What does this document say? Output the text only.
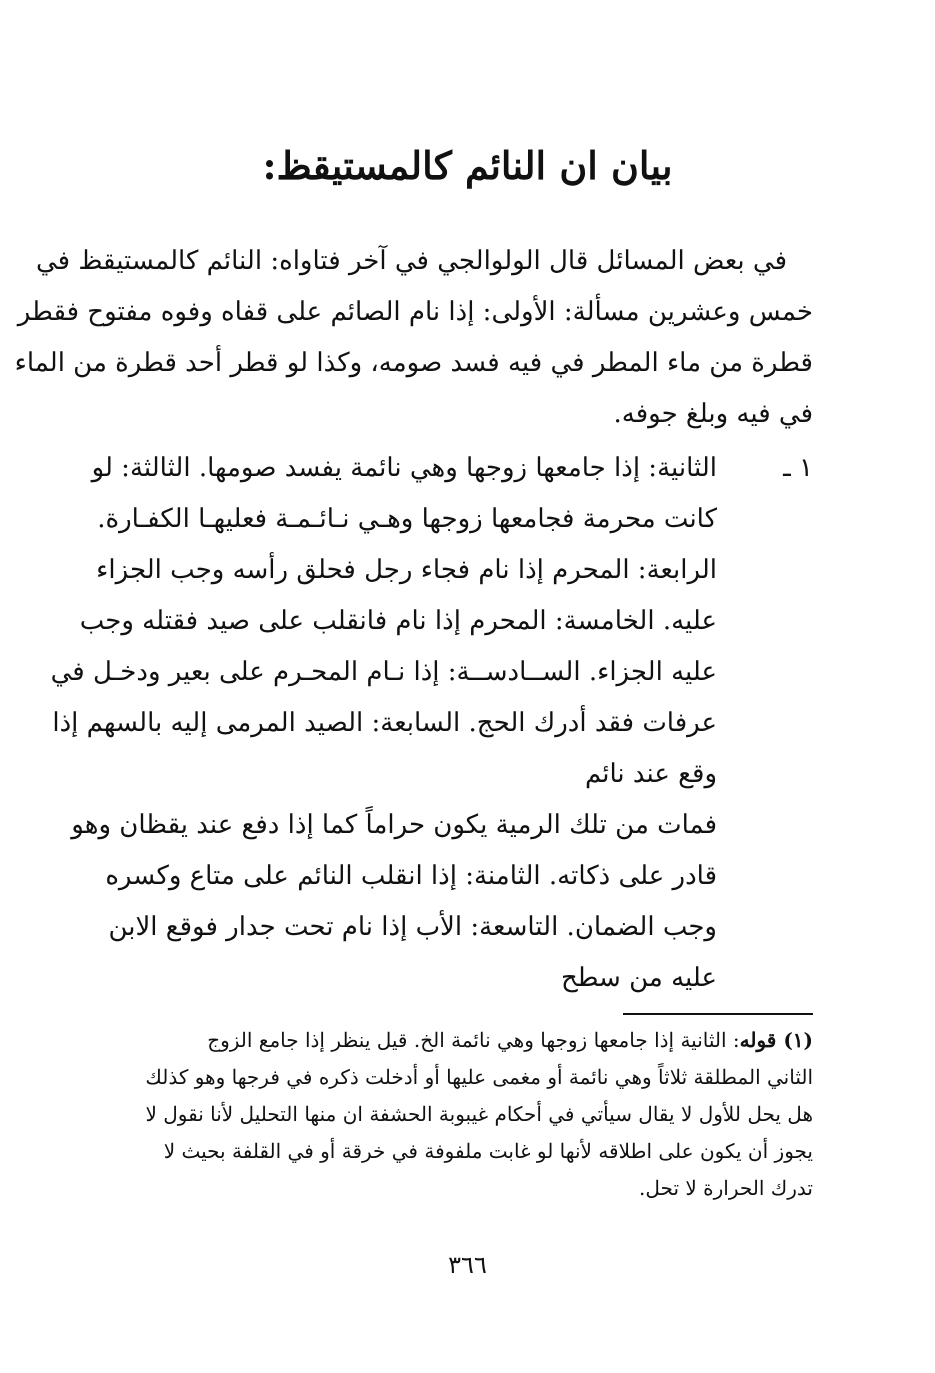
بيان ان النائم كالمستيقظ:
في بعض المسائل قال الولوالجي في آخر فتاواه: النائم كالمستيقظ في
خمس وعشرين مسألة: الأولى: إذا نام الصائم على قفاه وفوه مفتوح فقطر
قطرة من ماء المطر في فيه فسد صومه، وكذا لو قطر أحد قطرة من الماء
في فيه وبلغ جوفه.
١ ـ
الثانية: إذا جامعها زوجها وهي نائمة يفسد صومها. الثالثة: لو
كانت محرمة فجامعها زوجها وهـي نـائـمـة فعليهـا الكفـارة.
الرابعة: المحرم إذا نام فجاء رجل فحلق رأسه وجب الجزاء
عليه. الخامسة: المحرم إذا نام فانقلب على صيد فقتله وجب
عليه الجزاء. الســادســة: إذا نـام المحـرم على بعير ودخـل في
عرفات فقد أدرك الحج. السابعة: الصيد المرمى إليه بالسهم إذا
وقع عند نائم
فمات من تلك الرمية يكون حراماً كما إذا دفع عند يقظان وهو
قادر على ذكاته. الثامنة: إذا انقلب النائم على متاع وكسره
وجب الضمان. التاسعة: الأب إذا نام تحت جدار فوقع الابن
عليه من سطح
(١) قوله: الثانية إذا جامعها زوجها وهي نائمة الخ. قيل ينظر إذا جامع الزوج
الثاني المطلقة ثلاثاً وهي نائمة أو مغمى عليها أو أدخلت ذكره في فرجها وهو كذلك
هل يحل للأول لا يقال سيأتي في أحكام غيبوبة الحشفة ان منها التحليل لأنا نقول لا
يجوز أن يكون على اطلاقه لأنها لو غابت ملفوفة في خرقة أو في القلفة بحيث لا
تدرك الحرارة لا تحل.
٣٦٦
